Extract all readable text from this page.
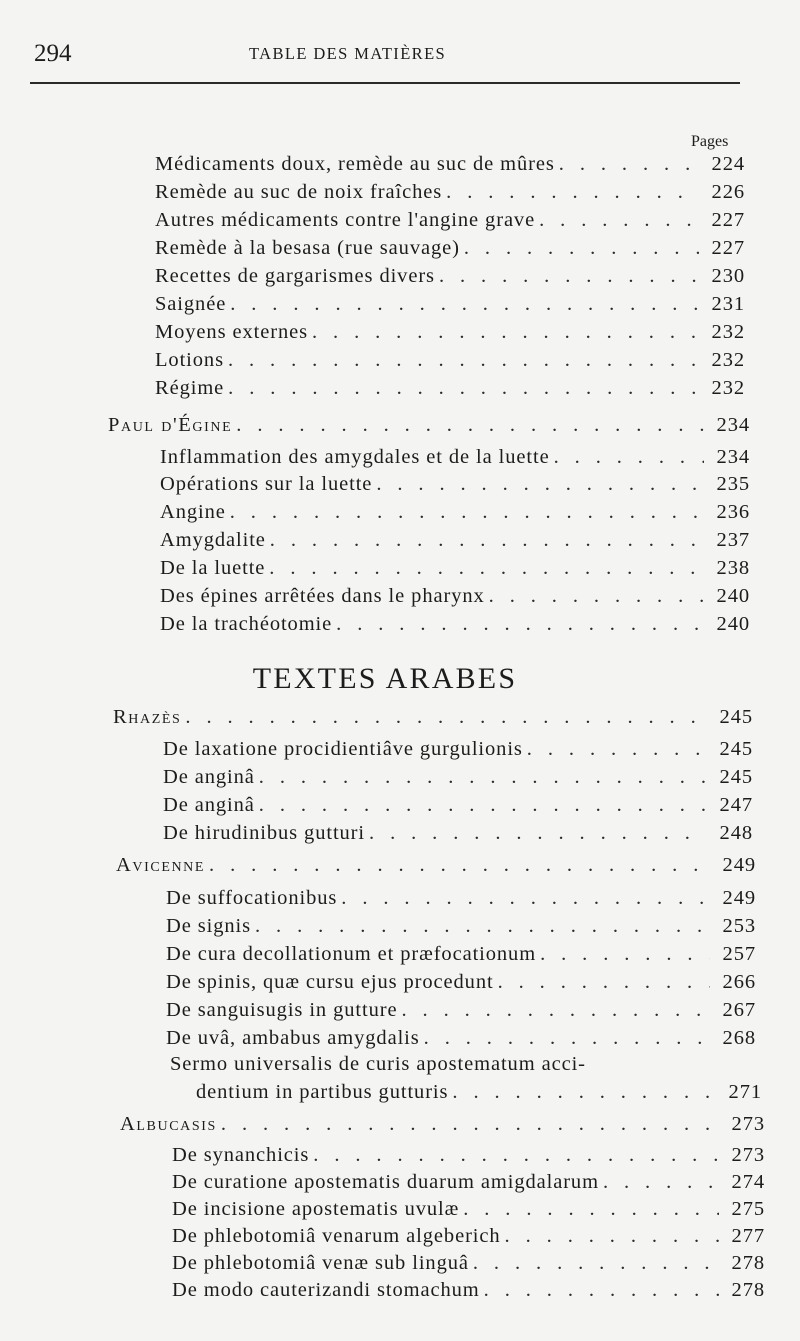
294	TABLE DES MATIÈRES
Pages
Médicaments doux, remède au suc de mûres . . .	224
Remède au suc de noix fraîches . . .	226
Autres médicaments contre l'angine grave . . .	227
Remède à la besasa (rue sauvage) . . .	227
Recettes de gargarismes divers . . .	230
Saignée . . .	231
Moyens externes . . .	232
Lotions . . .	232
Régime . . .	232
Paul d'Égine . . .	234
Inflammation des amygdales et de la luette . . .	234
Opérations sur la luette . . .	235
Angine . . .	236
Amygdalite . . .	237
De la luette . . .	238
Des épines arrêtées dans le pharynx . . .	240
De la trachéotomie . . .	240
TEXTES ARABES
Rhazès . . .	245
De laxatione procidientiâve gurgulionis . . .	245
De anginâ . . .	245
De anginâ . . .	247
De hirudinibus gutturi . . .	248
Avicenne . . .	249
De suffocationibus . . .	249
De signis . . .	253
De cura decollationum et præfocationum . . .	257
De spinis, quæ cursu ejus procedunt . . .	266
De sanguisugis in gutture . . .	267
De uvâ, ambabus amygdalis . . .	268
Sermo universalis de curis apostematum acci-
dentium in partibus gutturis . . .	271
Albucasis . . .	273
De synanchicis . . .	273
De curatione apostematis duarum amigdalarum . . .	274
De incisione apostematis uvulæ . . .	275
De phlebotomiâ venarum algeberich . . .	277
De phlebotomiâ venæ sub linguâ . . .	278
De modo cauterizandi stomachum . . .	278
